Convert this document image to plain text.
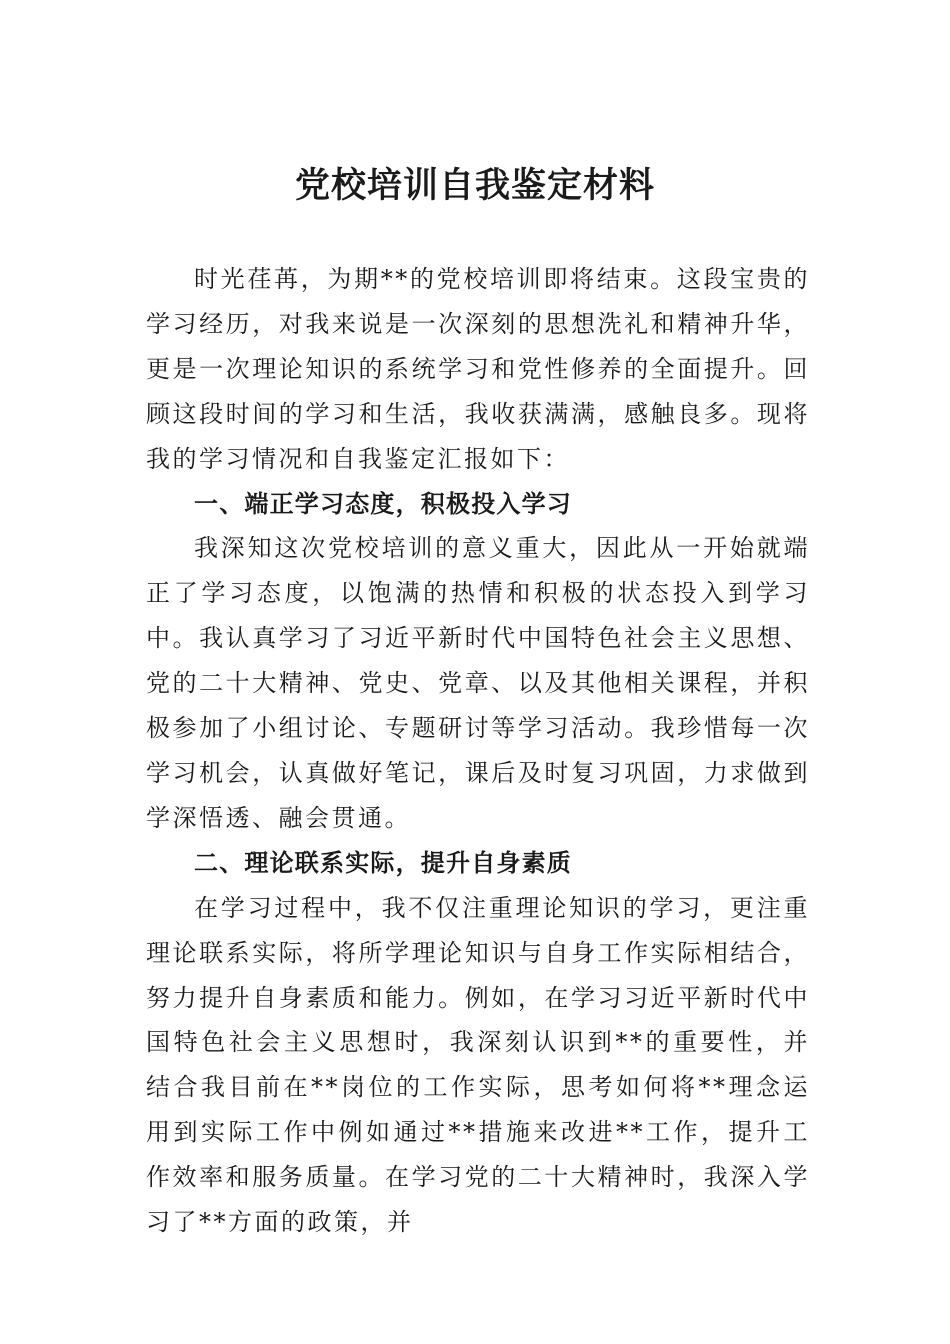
党校培训自我鉴定材料

时光荏苒，为期**的党校培训即将结束。这段宝贵的学习经历，对我来说是一次深刻的思想洗礼和精神升华，更是一次理论知识的系统学习和党性修养的全面提升。回顾这段时间的学习和生活，我收获满满，感触良多。现将我的学习情况和自我鉴定汇报如下：

一、端正学习态度，积极投入学习

我深知这次党校培训的意义重大，因此从一开始就端正了学习态度，以饱满的热情和积极的状态投入到学习中。我认真学习了习近平新时代中国特色社会主义思想、党的二十大精神、党史、党章、以及其他相关课程，并积极参加了小组讨论、专题研讨等学习活动。我珍惜每一次学习机会，认真做好笔记，课后及时复习巩固，力求做到学深悟透、融会贯通。

二、理论联系实际，提升自身素质

在学习过程中，我不仅注重理论知识的学习，更注重理论联系实际，将所学理论知识与自身工作实际相结合，努力提升自身素质和能力。例如，在学习习近平新时代中国特色社会主义思想时，我深刻认识到**的重要性，并结合我目前在**岗位的工作实际，思考如何将**理念运用到实际工作中例如通过**措施来改进**工作，提升工作效率和服务质量。在学习党的二十大精神时，我深入学习了**方面的政策，并
